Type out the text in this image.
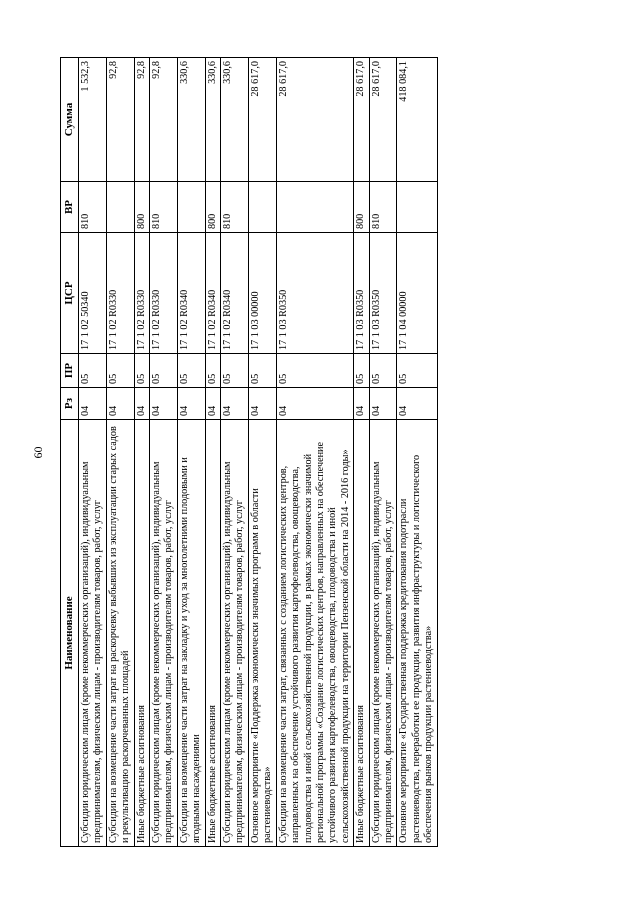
60
Наименование	Рз	ПР	ЦСР	ВР	Сумма
Субсидии юридическим лицам (кроме некоммерческих организаций), индивидуальным предпринимателям, физическим лицам - производителям товаров, работ, услуг	04	05	17 1 02 50340	810	1 532,3
Субсидии на возмещение части затрат на раскорчевку выбывших из эксплуатации старых садов и рекультивацию раскорчеванных площадей	04	05	17 1 02 R0330		92,8
Иные бюджетные ассигнования	04	05	17 1 02 R0330	800	92,8
Субсидии юридическим лицам (кроме некоммерческих организаций), индивидуальным предпринимателям, физическим лицам - производителям товаров, работ, услуг	04	05	17 1 02 R0330	810	92,8
Субсидии на возмещение части затрат на закладку и уход за многолетними плодовыми и ягодными насаждениями	04	05	17 1 02 R0340		330,6
Иные бюджетные ассигнования	04	05	17 1 02 R0340	800	330,6
Субсидии юридическим лицам (кроме некоммерческих организаций), индивидуальным предпринимателям, физическим лицам - производителям товаров, работ, услуг	04	05	17 1 02 R0340	810	330,6
Основное мероприятие «Поддержка экономически значимых программ в области растениеводства»	04	05	17 1 03 00000		28 617,0
Субсидии на возмещение части затрат, связанных с созданием логистических центров, направленных на обеспечение устойчивого развития картофелеводства, овощеводства, плодоводства и иной сельскохозяйственной продукции, в рамках экономически значимой региональной программы «Создание логистических центров, направленных на обеспечение устойчивого развития картофелеводства, овощеводства, плодоводства и иной сельскохозяйственной продукции на территории Пензенской области на 2014 - 2016 годы»	04	05	17 1 03 R0350		28 617,0
Иные бюджетные ассигнования	04	05	17 1 03 R0350	800	28 617,0
Субсидии юридическим лицам (кроме некоммерческих организаций), индивидуальным предпринимателям, физическим лицам - производителям товаров, работ, услуг	04	05	17 1 03 R0350	810	28 617,0
Основное мероприятие «Государственная поддержка кредитования подотрасли растениеводства, переработки ее продукции, развития инфраструктуры и логистического обеспечения рынков продукции растениеводства»	04	05	17 1 04 00000		418 084,1
